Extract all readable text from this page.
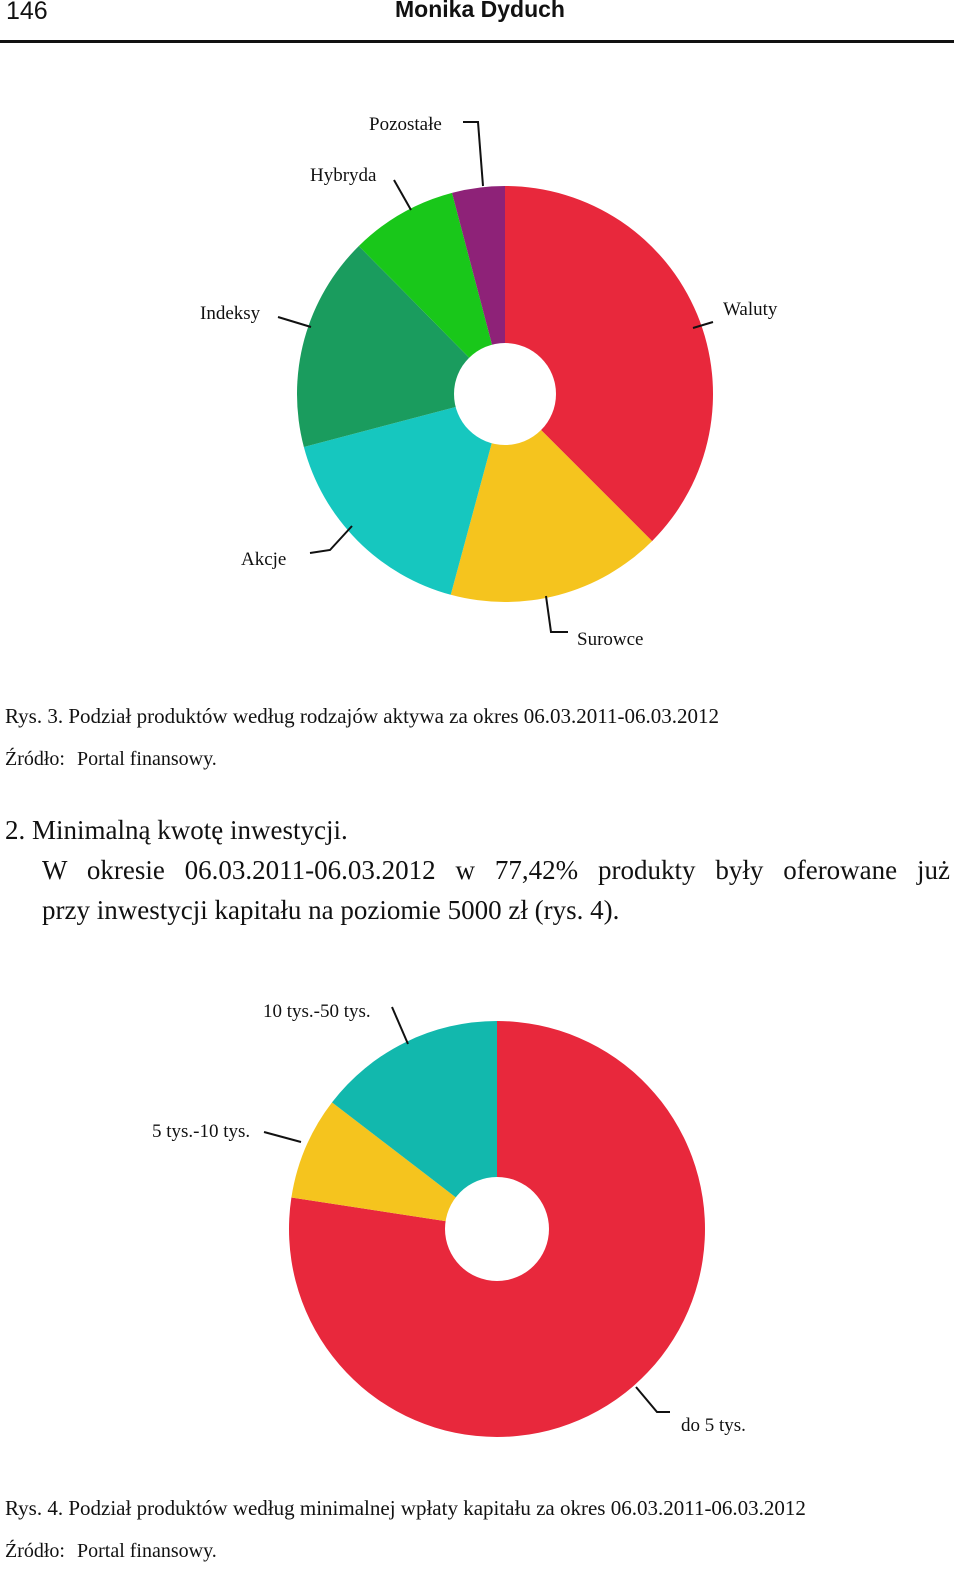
146	Monika Dyduch
Waluty
Surowce
Akcje
Indeksy
Hybryda
Pozostałe
Rys. 3. Podział produktów według rodzajów aktywa za okres 06.03.2011-06.03.2012
Źródło: Portal finansowy.
2. Minimalną kwotę inwestycji.
W okresie 06.03.2011-06.03.2012 w 77,42% produkty były oferowane już
przy inwestycji kapitału na poziomie 5000 zł (rys. 4).
do 5 tys.
5 tys.-10 tys.
10 tys.-50 tys.
Rys. 4. Podział produktów według minimalnej wpłaty kapitału za okres 06.03.2011-06.03.2012
Źródło: Portal finansowy.
